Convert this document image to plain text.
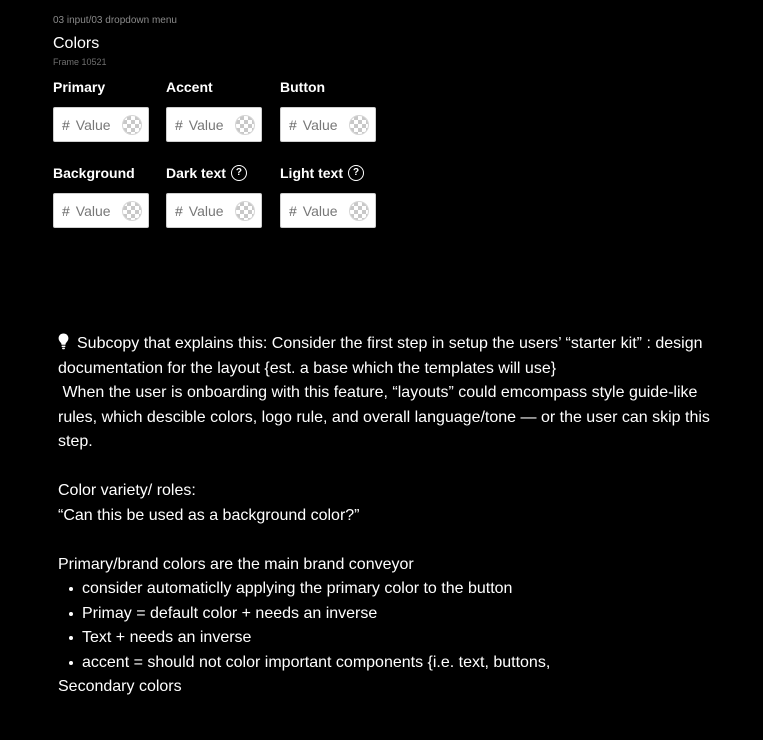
03 input/03 dropdown menu
Colors
Frame 10521
Primary
# Value
Accent
# Value
Button
# Value
Background
# Value
Dark text ?
# Value
Light text ?
# Value

Subcopy that explains this: Consider the first step in setup the users’ “starter kit” : design documentation for the layout {est. a base which the templates will use}

When the user is onboarding with this feature, “layouts” could emcompass style guide-like rules, which descible colors, logo rule, and overall language/tone — or the user can skip this step.

Color variety/ roles:

“Can this be used as a background color?”

Primary/brand colors are the main brand conveyor

consider automaticlly applying the primary color to the button
Primay = default color + needs an inverse
Text + needs an inverse
accent = should not color important components {i.e. text, buttons,

Secondary colors
